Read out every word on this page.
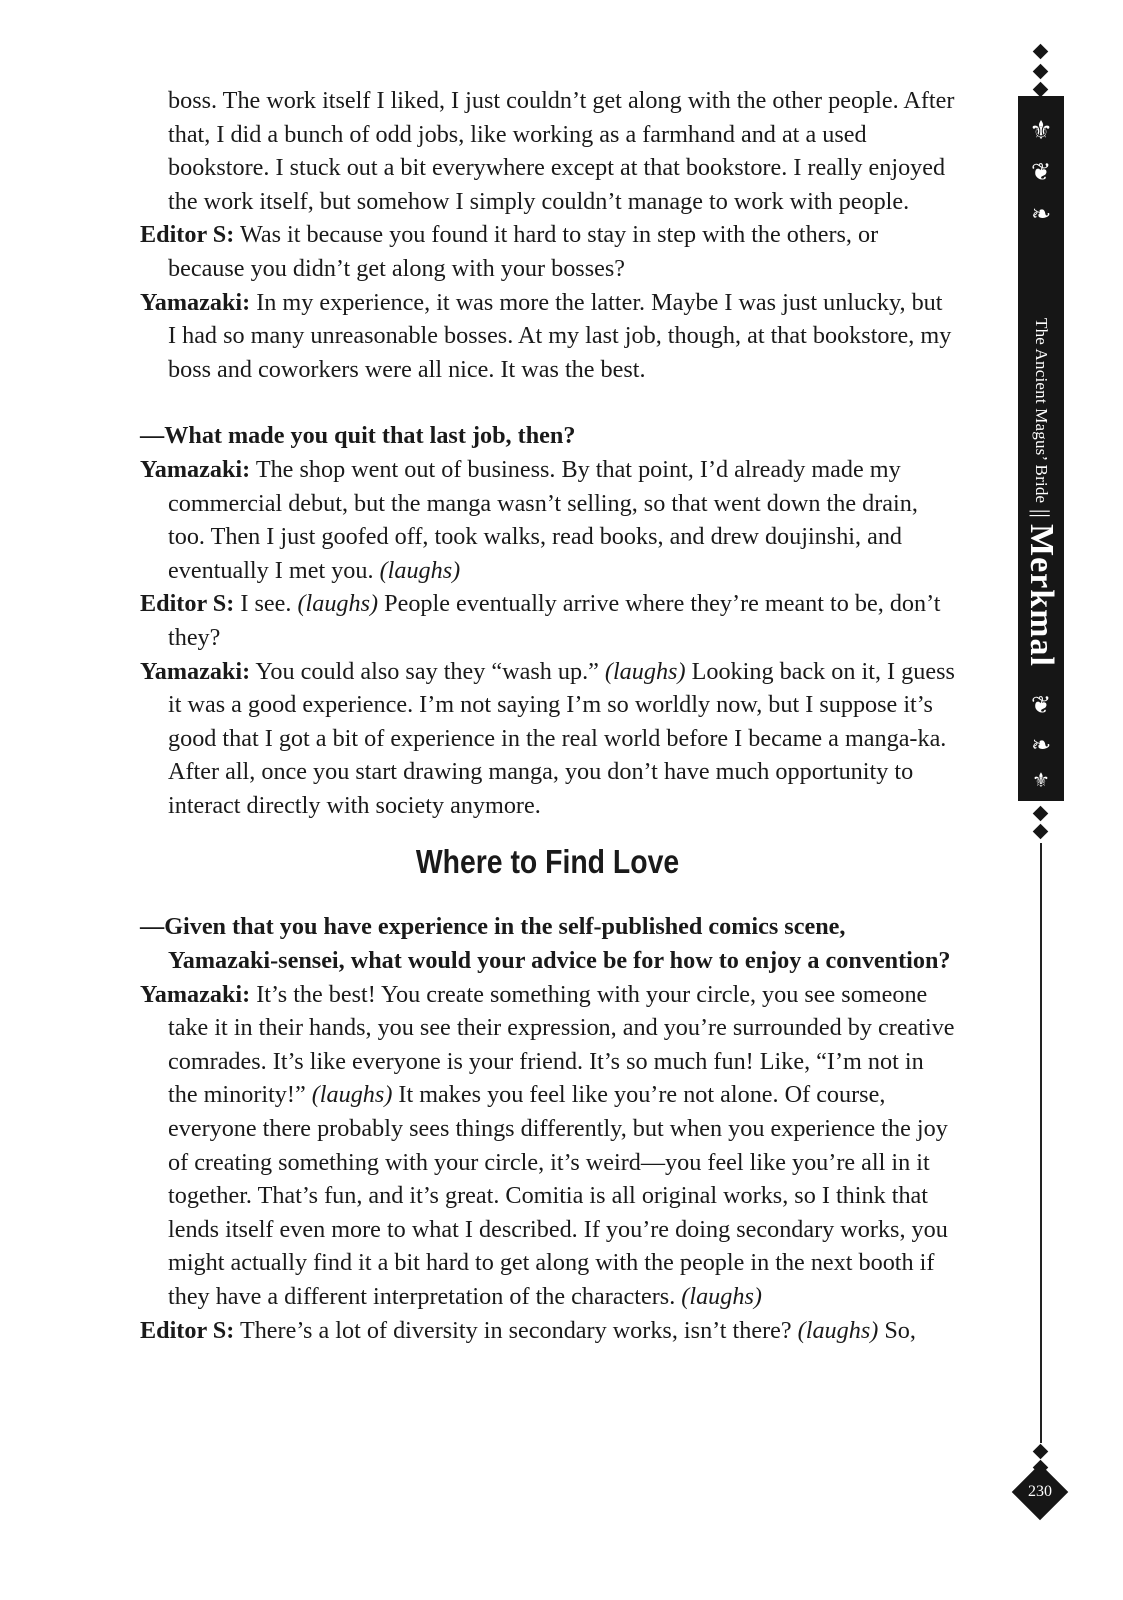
boss. The work itself I liked, I just couldn’t get along with the other people. After that, I did a bunch of odd jobs, like working as a farmhand and at a used bookstore. I stuck out a bit everywhere except at that bookstore. I really enjoyed the work itself, but somehow I simply couldn’t manage to work with people.

Editor S: Was it because you found it hard to stay in step with the others, or because you didn’t get along with your bosses?

Yamazaki: In my experience, it was more the latter. Maybe I was just unlucky, but I had so many unreasonable bosses. At my last job, though, at that bookstore, my boss and coworkers were all nice. It was the best.

—What made you quit that last job, then?

Yamazaki: The shop went out of business. By that point, I’d already made my commercial debut, but the manga wasn’t selling, so that went down the drain, too. Then I just goofed off, took walks, read books, and drew doujinshi, and eventually I met you. (laughs)

Editor S: I see. (laughs) People eventually arrive where they’re meant to be, don’t they?

Yamazaki: You could also say they “wash up.” (laughs) Looking back on it, I guess it was a good experience. I’m not saying I’m so worldly now, but I suppose it’s good that I got a bit of experience in the real world before I became a manga-ka. After all, once you start drawing manga, you don’t have much opportunity to interact directly with society anymore.

Where to Find Love

—Given that you have experience in the self-published comics scene, Yamazaki-sensei, what would your advice be for how to enjoy a convention?

Yamazaki: It’s the best! You create something with your circle, you see someone take it in their hands, you see their expression, and you’re surrounded by creative comrades. It’s like everyone is your friend. It’s so much fun! Like, “I’m not in the minority!” (laughs) It makes you feel like you’re not alone. Of course, everyone there probably sees things differently, but when you experience the joy of creating something with your circle, it’s weird—you feel like you’re all in it together. That’s fun, and it’s great. Comitia is all original works, so I think that lends itself even more to what I described. If you’re doing secondary works, you might actually find it a bit hard to get along with the people in the next booth if they have a different interpretation of the characters. (laughs)

Editor S: There’s a lot of diversity in secondary works, isn’t there? (laughs) So,

⚜
❦
❧
The Ancient Magus’ Bride
||
Merkmal
❦
❧
⚜
230
